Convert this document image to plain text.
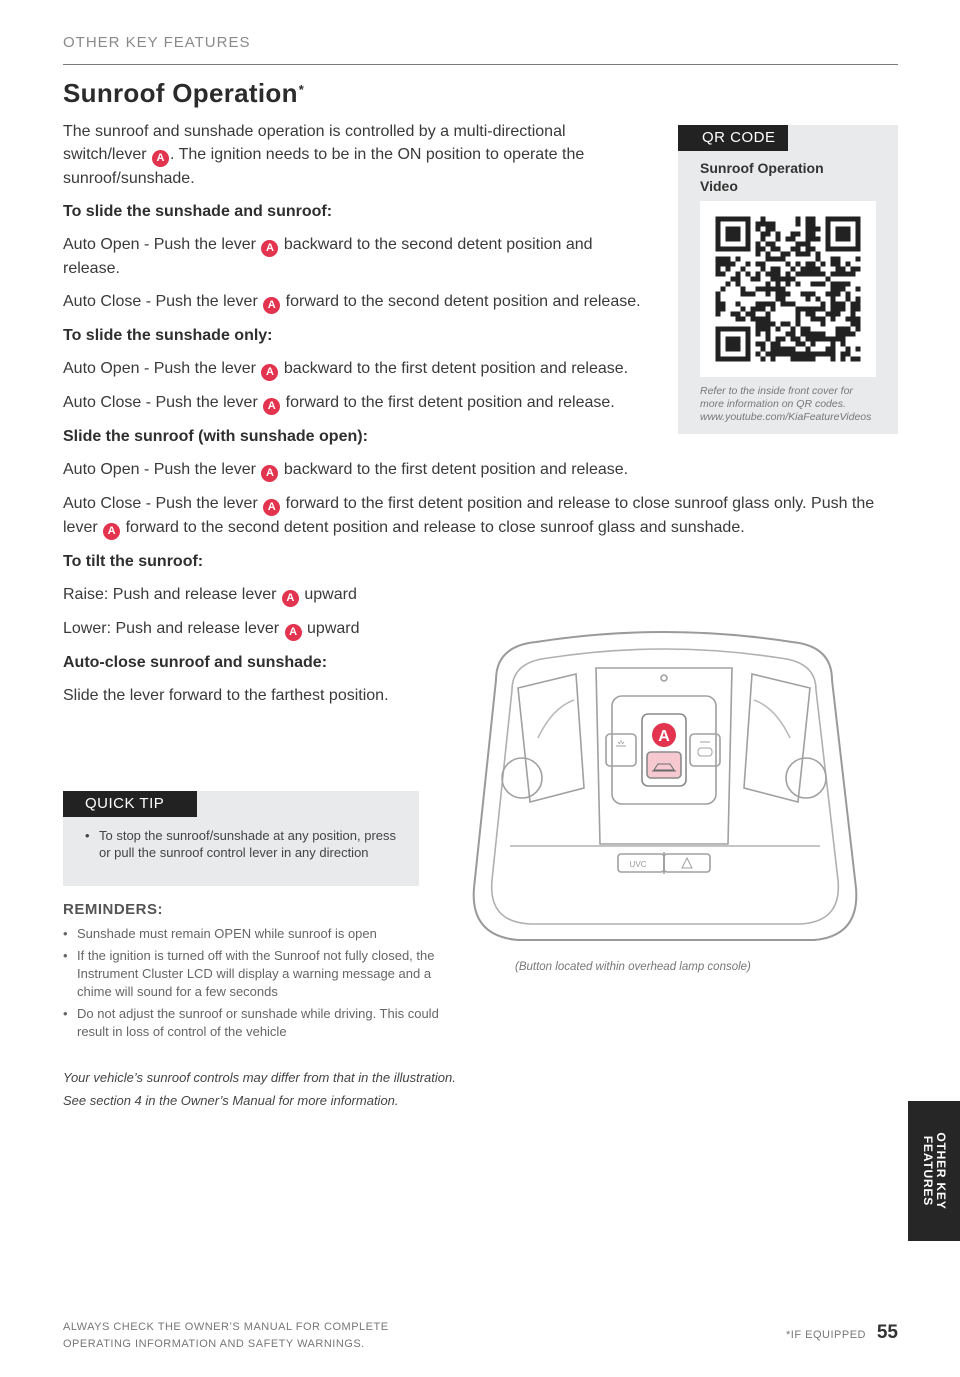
OTHER KEY FEATURES
Sunroof Operation*

The sunroof and sunshade operation is controlled by a multi-directional switch/lever A . The ignition needs to be in the ON position to operate the sunroof/sunshade.

To slide the sunshade and sunroof:

Auto Open - Push the lever A backward to the second detent position and release.

Auto Close - Push the lever A forward to the second detent position and release.

To slide the sunshade only:

Auto Open - Push the lever A backward to the first detent position and release.

Auto Close - Push the lever A forward to the first detent position and release.

Slide the sunroof (with sunshade open):

Auto Open - Push the lever A backward to the first detent position and release.

Auto Close - Push the lever A forward to the first detent position and release to close sunroof glass only. Push the lever A forward to the second detent position and release to close sunroof glass and sunshade.

To tilt the sunroof:

Raise: Push and release lever A upward

Lower: Push and release lever A upward

Auto-close sunroof and sunshade:

Slide the lever forward to the farthest position.

QR CODE
Sunroof Operation Video
Refer to the inside front cover for
more information on QR codes.
www.youtube.com/KiaFeatureVideos
QUICK TIP
• To stop the sunroof/sunshade at any position, press or pull the sunroof control lever in any direction
REMINDERS:
• Sunshade must remain OPEN while sunroof is open
• If the ignition is turned off with the Sunroof not fully closed, the Instrument Cluster LCD will display a warning message and a chime will sound for a few seconds
• Do not adjust the sunroof or sunshade while driving. This could result in loss of control of the vehicle
Your vehicle’s sunroof controls may differ from that in the illustration.
See section 4 in the Owner’s Manual for more information.
A
UVC
(Button located within overhead lamp console)
OTHER KEY
FEATURES
ALWAYS CHECK THE OWNER’S MANUAL FOR COMPLETE
OPERATING INFORMATION AND SAFETY WARNINGS.
*IF EQUIPPED 55
